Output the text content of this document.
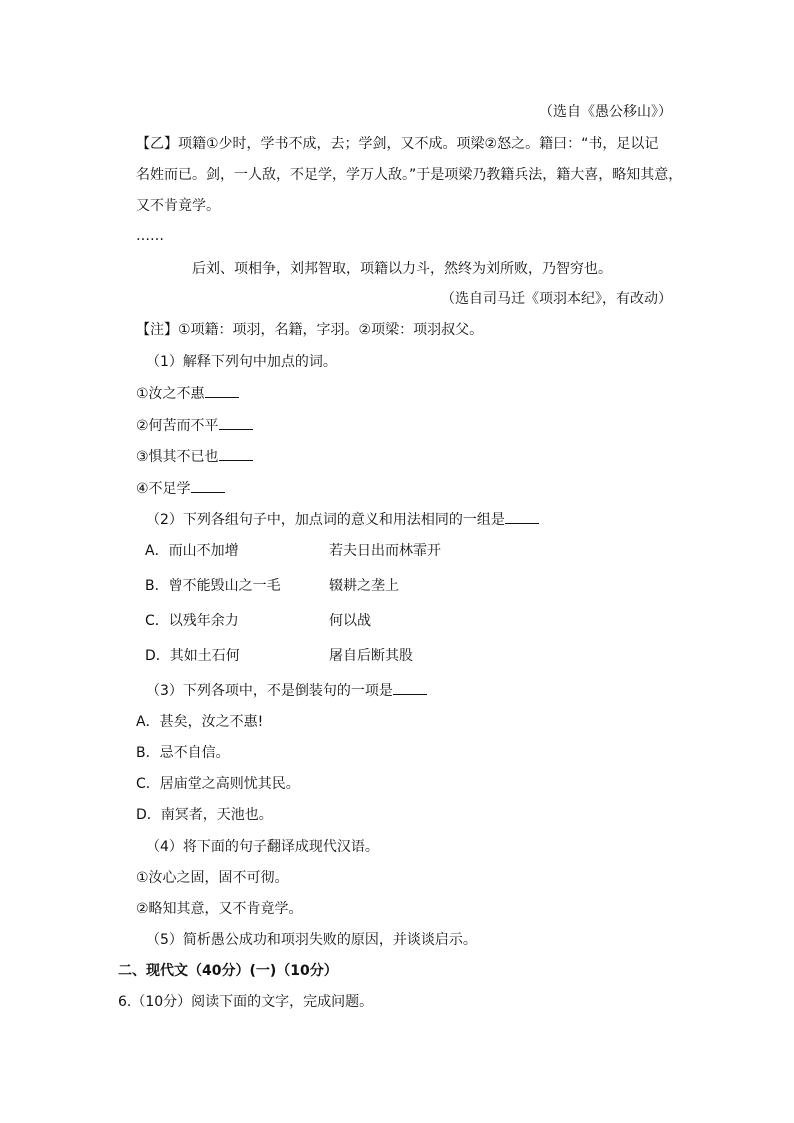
（选自《愚公移山》）
【乙】项籍①少时，学书不成，去；学剑，又不成。项梁②怒之。籍曰：“书，足以记
名姓而已。剑，一人敌，不足学，学万人敌。”于是项梁乃教籍兵法，籍大喜，略知其意，
又不肯竟学。
……
后刘、项相争，刘邦智取，项籍以力斗，然终为刘所败，乃智穷也。
（选自司马迁《项羽本纪》，有改动）
【注】①项籍：项羽，名籍，字羽。②项梁：项羽叔父。
（1）解释下列句中加点的词。
①汝之不惠
②何苦而不平
③惧其不已也
④不足学
（2）下列各组句子中，加点词的意义和用法相同的一组是
A．而山不加增	若夫日出而林霏开
B．曾不能毁山之一毛	辍耕之垄上
C．以残年余力	何以战
D．其如土石何	屠自后断其股
（3）下列各项中，不是倒装句的一项是
A．甚矣，汝之不惠!
B．忌不自信。
C．居庙堂之高则忧其民。
D．南冥者，天池也。
（4）将下面的句子翻译成现代汉语。
①汝心之固，固不可彻。
②略知其意，又不肯竟学。
（5）简析愚公成功和项羽失败的原因，并谈谈启示。
二、现代文（40分）(一)（10分）
6.（10分）阅读下面的文字，完成问题。
